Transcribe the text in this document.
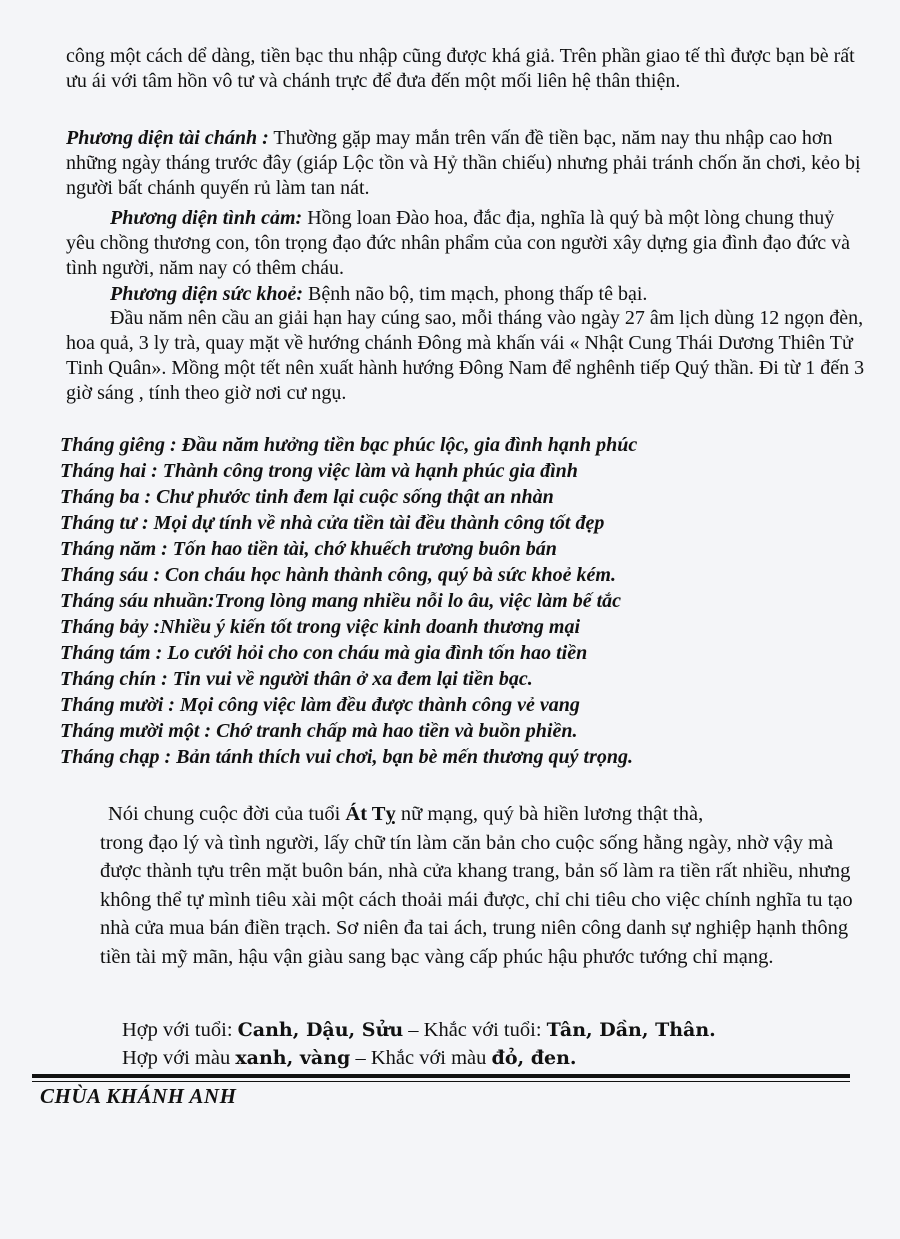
công một cách dể dàng, tiền bạc thu nhập cũng được khá giả. Trên phần giao tế thì được bạn bè rất ưu ái với tâm hồn vô tư và chánh trực để đưa đến một mối liên hệ thân thiện.

Phương diện tài chánh : Thường gặp may mắn trên vấn đề tiền bạc, năm nay thu nhập cao hơn những ngày tháng trước đây (giáp Lộc tồn và Hỷ thần chiếu) nhưng phải tránh chốn ăn chơi, kẻo bị người bất chánh quyến rủ làm tan nát.

Phương diện tình cảm: Hồng loan Đào hoa, đắc địa, nghĩa là quý bà một lòng chung thuỷ yêu chồng thương con, tôn trọng đạo đức nhân phẩm của con người xây dựng gia đình đạo đức và tình người, năm nay có thêm cháu.

Phương diện sức khoẻ: Bệnh não bộ, tim mạch, phong thấp tê bại.

Đầu năm nên cầu an giải hạn hay cúng sao, mỗi tháng vào ngày 27 âm lịch dùng 12 ngọn đèn, hoa quả, 3 ly trà, quay mặt về hướng chánh Đông mà khấn vái « Nhật Cung Thái Dương Thiên Tử Tinh Quân». Mồng một tết nên xuất hành hướng Đông Nam để nghênh tiếp Quý thần. Đi từ 1 đến 3 giờ sáng , tính theo giờ nơi cư ngụ.

Tháng giêng : Đầu năm hưởng tiền bạc phúc lộc, gia đình hạnh phúc
Tháng hai : Thành công trong việc làm và hạnh phúc gia đình
Tháng ba : Chư phước tinh đem lại cuộc sống thật an nhàn
Tháng tư : Mọi dự tính về nhà cửa tiền tài đều thành công tốt đẹp
Tháng năm : Tốn hao tiền tài, chớ khuếch trương buôn bán
Tháng sáu : Con cháu học hành thành công, quý bà sức khoẻ kém.
Tháng sáu nhuần:Trong lòng mang nhiều nỗi lo âu, việc làm bế tắc
Tháng bảy :Nhiều ý kiến tốt trong việc kinh doanh thương mại
Tháng tám : Lo cưới hỏi cho con cháu mà gia đình tốn hao tiền
Tháng chín : Tin vui về người thân ở xa đem lại tiền bạc.
Tháng mười : Mọi công việc làm đều được thành công vẻ vang
Tháng mười một : Chớ tranh chấp mà hao tiền và buồn phiền.
Tháng chạp : Bản tánh thích vui chơi, bạn bè mến thương quý trọng.

Nói chung cuộc đời của tuổi Át Tỵ nữ mạng, quý bà hiền lương thật thà,

trong đạo lý và tình người, lấy chữ tín làm căn bản cho cuộc sống hằng ngày, nhờ vậy mà được thành tựu trên mặt buôn bán, nhà cửa khang trang, bản số làm ra tiền rất nhiều, nhưng không thể tự mình tiêu xài một cách thoải mái được, chỉ chi tiêu cho việc chính nghĩa tu tạo nhà cửa mua bán điền trạch. Sơ niên đa tai ách, trung niên công danh sự nghiệp hạnh thông tiền tài mỹ mãn, hậu vận giàu sang bạc vàng cấp phúc hậu phước tướng chỉ mạng.

Hợp với tuổi: Canh, Dậu, Sửu – Khắc với tuổi: Tân, Dần, Thân.
Hợp với màu xanh, vàng – Khắc với màu đỏ, đen.
CHÙA KHÁNH ANH
